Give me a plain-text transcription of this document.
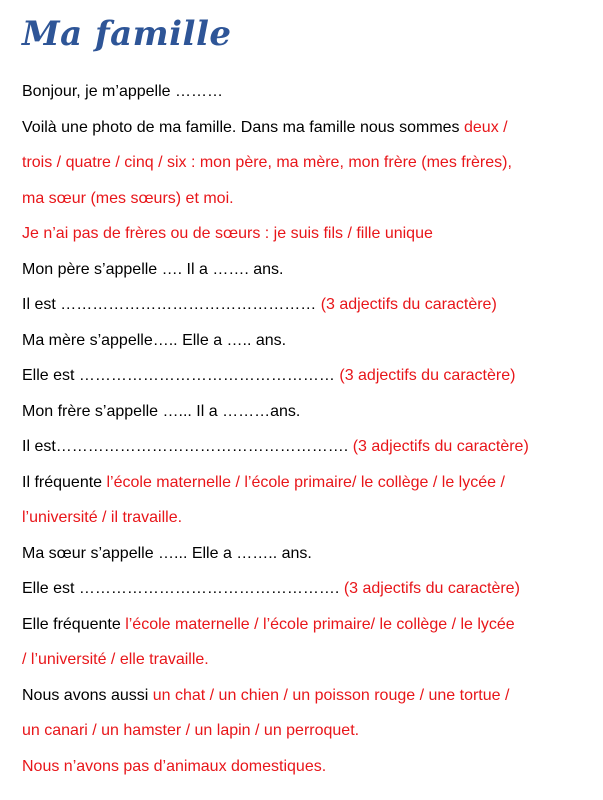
Ma famille
Bonjour, je m’appelle ………
Voilà une photo de ma famille. Dans ma famille nous sommes deux /
trois / quatre / cinq / six : mon père, ma mère, mon frère (mes frères),
ma sœur (mes sœurs) et moi.
Je n’ai pas de frères ou de sœurs : je suis fils / fille unique
Mon père s’appelle …. Il a ……. ans.
Il est ………………………………………… (3 adjectifs du caractère)
Ma mère s’appelle….. Elle a ….. ans.
Elle est ………………………………………… (3 adjectifs du caractère)
Mon frère s’appelle …... Il a ………ans.
Il est………………………………………………. (3 adjectifs du caractère)
Il fréquente l’école maternelle / l’école primaire/ le collège / le lycée /
l’université / il travaille.
Ma sœur s’appelle …... Elle a …….. ans.
Elle est …………………………………………. (3 adjectifs du caractère)
Elle fréquente l’école maternelle / l’école primaire/ le collège / le lycée
/ l’université / elle travaille.
Nous avons aussi un chat / un chien / un poisson rouge / une tortue /
un canari / un hamster / un lapin / un perroquet.
Nous n’avons pas d’animaux domestiques.
